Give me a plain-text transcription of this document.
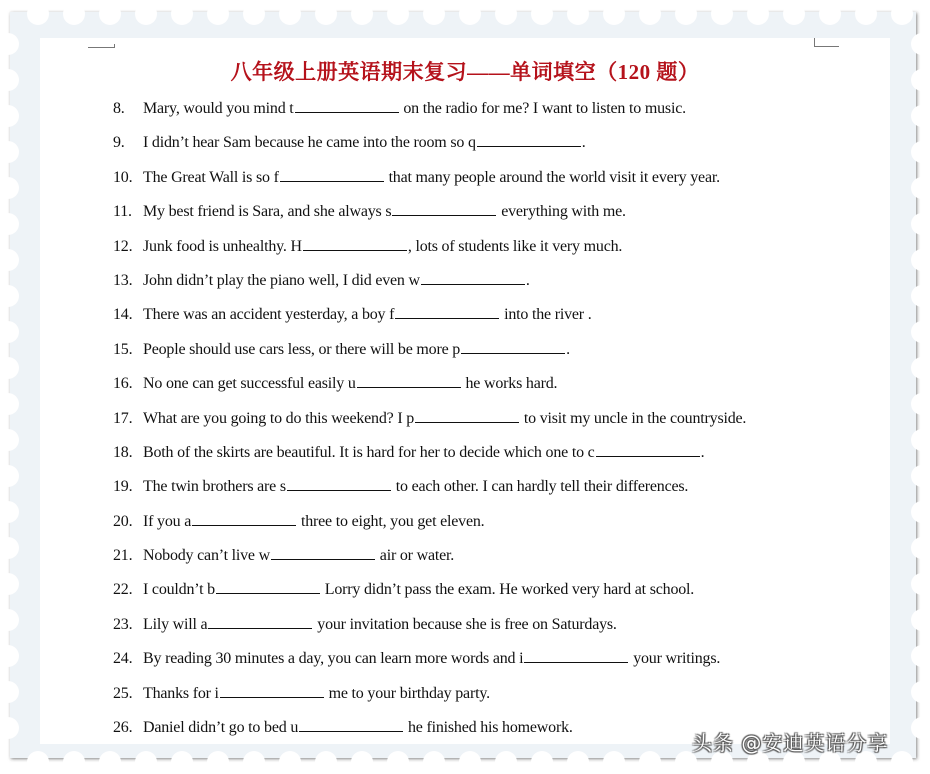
八年级上册英语期末复习——单词填空（120 题）
8. Mary, would you mind t	on the radio for me? I want to listen to music.
9. I didn’t hear Sam because he came into the room so q	.
10. The Great Wall is so f	that many people around the world visit it every year.
11. My best friend is Sara, and she always s	everything with me.
12. Junk food is unhealthy. H	, lots of students like it very much.
13. John didn’t play the piano well, I did even w	.
14. There was an accident yesterday, a boy f	into the river .
15. People should use cars less, or there will be more p	.
16. No one can get successful easily u	he works hard.
17. What are you going to do this weekend? I p	to visit my uncle in the countryside.
18. Both of the skirts are beautiful. It is hard for her to decide which one to c	.
19. The twin brothers are s	to each other. I can hardly tell their differences.
20. If you a	three to eight, you get eleven.
21. Nobody can’t live w	air or water.
22. I couldn’t b	Lorry didn’t pass the exam. He worked very hard at school.
23. Lily will a	your invitation because she is free on Saturdays.
24. By reading 30 minutes a day, you can learn more words and i	your writings.
25. Thanks for i	me to your birthday party.
26. Daniel didn’t go to bed u	he finished his homework.
头条 @安迪英语分享
